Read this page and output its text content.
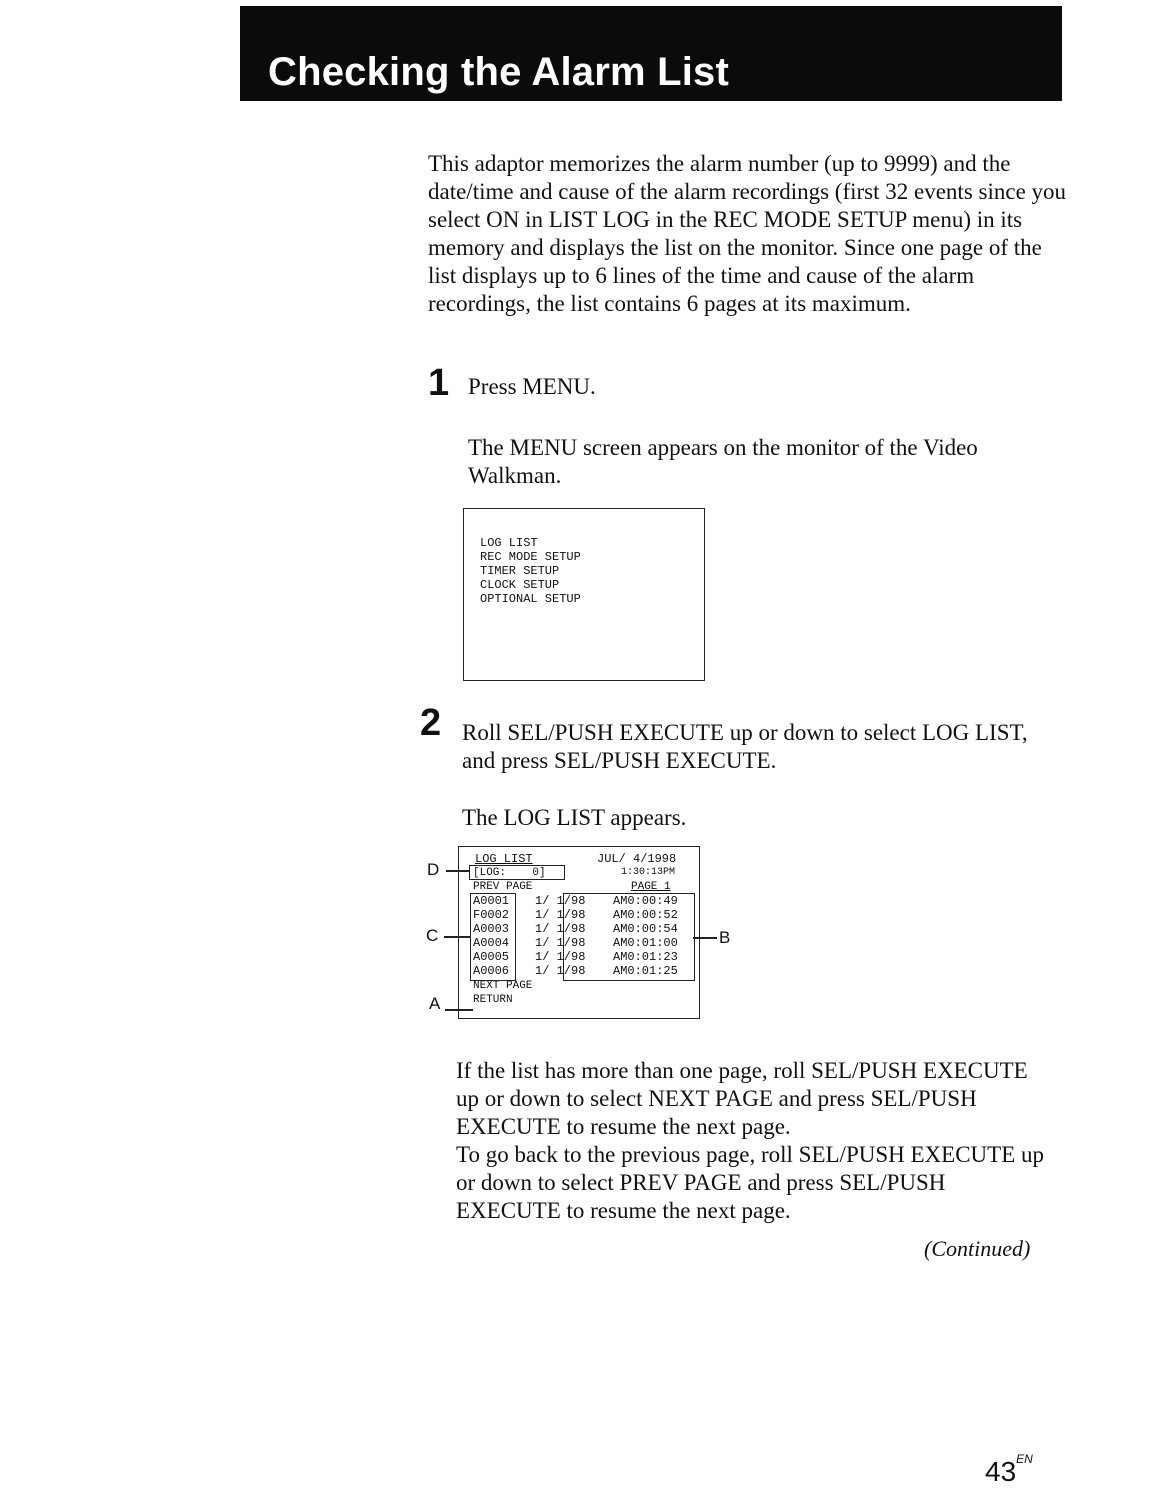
Checking the Alarm List

This adaptor memorizes the alarm number (up to 9999) and the date/time and cause of the alarm recordings (first 32 events since you select ON in LIST LOG in the REC MODE SETUP menu) in its memory and displays the list on the monitor. Since one page of the list displays up to 6 lines of the time and cause of the alarm recordings, the list contains 6 pages at its maximum.

1 Press MENU.
The MENU screen appears on the monitor of the Video Walkman.
LOG LIST
REC MODE SETUP
TIMER SETUP
CLOCK SETUP
OPTIONAL SETUP
2 Roll SEL/PUSH EXECUTE up or down to select LOG LIST, and press SEL/PUSH EXECUTE.
The LOG LIST appears.
LOG LIST	JUL/ 4/1998
1:30:13PM
[LOG:    0]
PREV PAGE	PAGE 1
A0001 1/ 1/98 AM0:00:49
F0002 1/ 1/98 AM0:00:52
A0003 1/ 1/98 AM0:00:54
A0004 1/ 1/98 AM0:01:00
A0005 1/ 1/98 AM0:01:23
A0006 1/ 1/98 AM0:01:25
NEXT PAGE
RETURN
D
C	B
A
If the list has more than one page, roll SEL/PUSH EXECUTE up or down to select NEXT PAGE and press SEL/PUSH EXECUTE to resume the next page.
To go back to the previous page, roll SEL/PUSH EXECUTE up or down to select PREV PAGE and press SEL/PUSH EXECUTE to resume the next page.
(Continued)
$43^{EN}$
